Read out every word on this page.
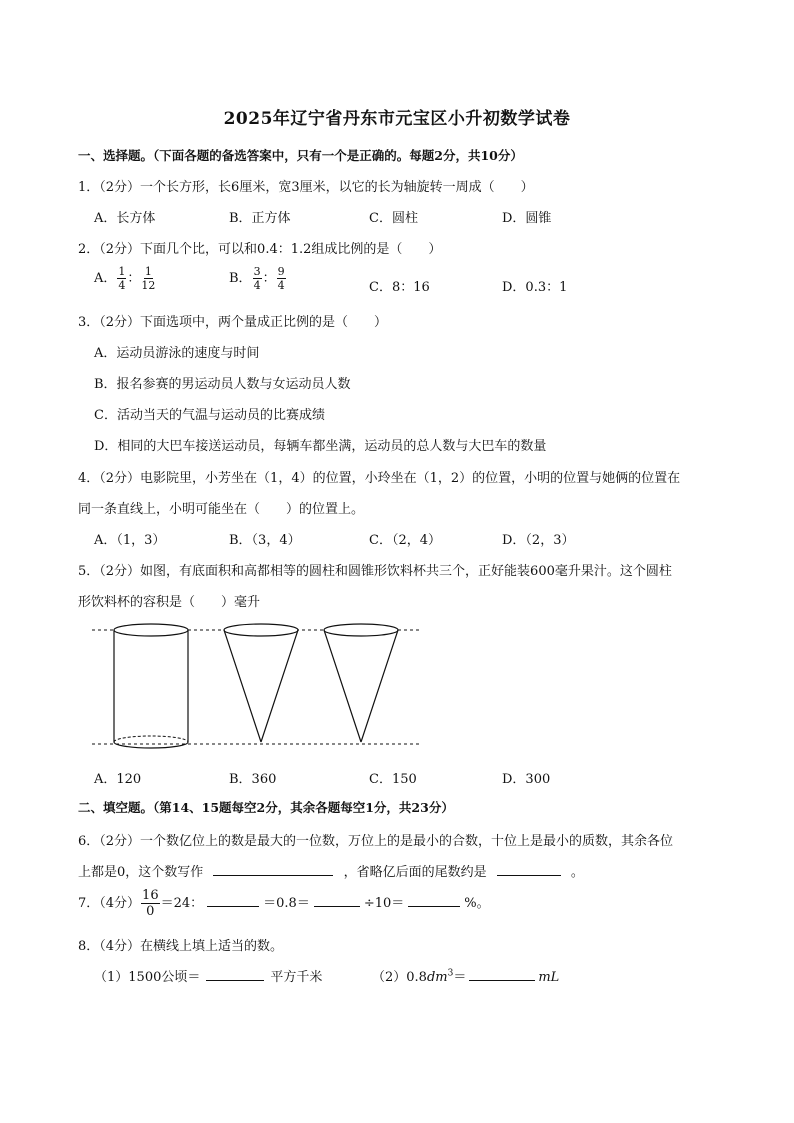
2025年辽宁省丹东市元宝区小升初数学试卷
一、选择题。（下面各题的备选答案中，只有一个是正确的。每题2分，共10分）
1．（2分）一个长方形，长6厘米，宽3厘米，以它的长为轴旋转一周成（　　）
A．长方体	B．正方体	C．圆柱	D．圆锥
2．（2分）下面几个比，可以和0.4：1.2组成比例的是（　　）
A． $\frac{1}{4}$ ： $\frac{1}{12}$	B． $\frac{3}{4}$ ： $\frac{9}{4}$	C．8：16	D．0.3：1
3．（2分）下面选项中，两个量成正比例的是（　　）
A．运动员游泳的速度与时间
B．报名参赛的男运动员人数与女运动员人数
C．活动当天的气温与运动员的比赛成绩
D．相同的大巴车接送运动员，每辆车都坐满，运动员的总人数与大巴车的数量
4．（2分）电影院里，小芳坐在（1，4）的位置，小玲坐在（1，2）的位置，小明的位置与她俩的位置在
同一条直线上，小明可能坐在（　　）的位置上。
A．（1，3）	B．（3，4）	C．（2，4）	D．（2，3）
5．（2分）如图，有底面积和高都相等的圆柱和圆锥形饮料杯共三个，正好能装600毫升果汁。这个圆柱
形饮料杯的容积是（　　）毫升
A．120	B．360	C．150	D．300
二、填空题。（第14、15题每空2分，其余各题每空1分，共23分）
6．（2分）一个数亿位上的数是最大的一位数，万位上的是最小的合数，十位上是最小的质数，其余各位
上都是0，这个数写作	，省略亿后面的尾数约是	。
7．（4分） $\frac{16}{0} =24$：	＝0.8＝	÷10＝	%。
8．（4分）在横线上填上适当的数。
（1）1500公顷＝	平方千米	$(2)0.8dm^3=$	mL
